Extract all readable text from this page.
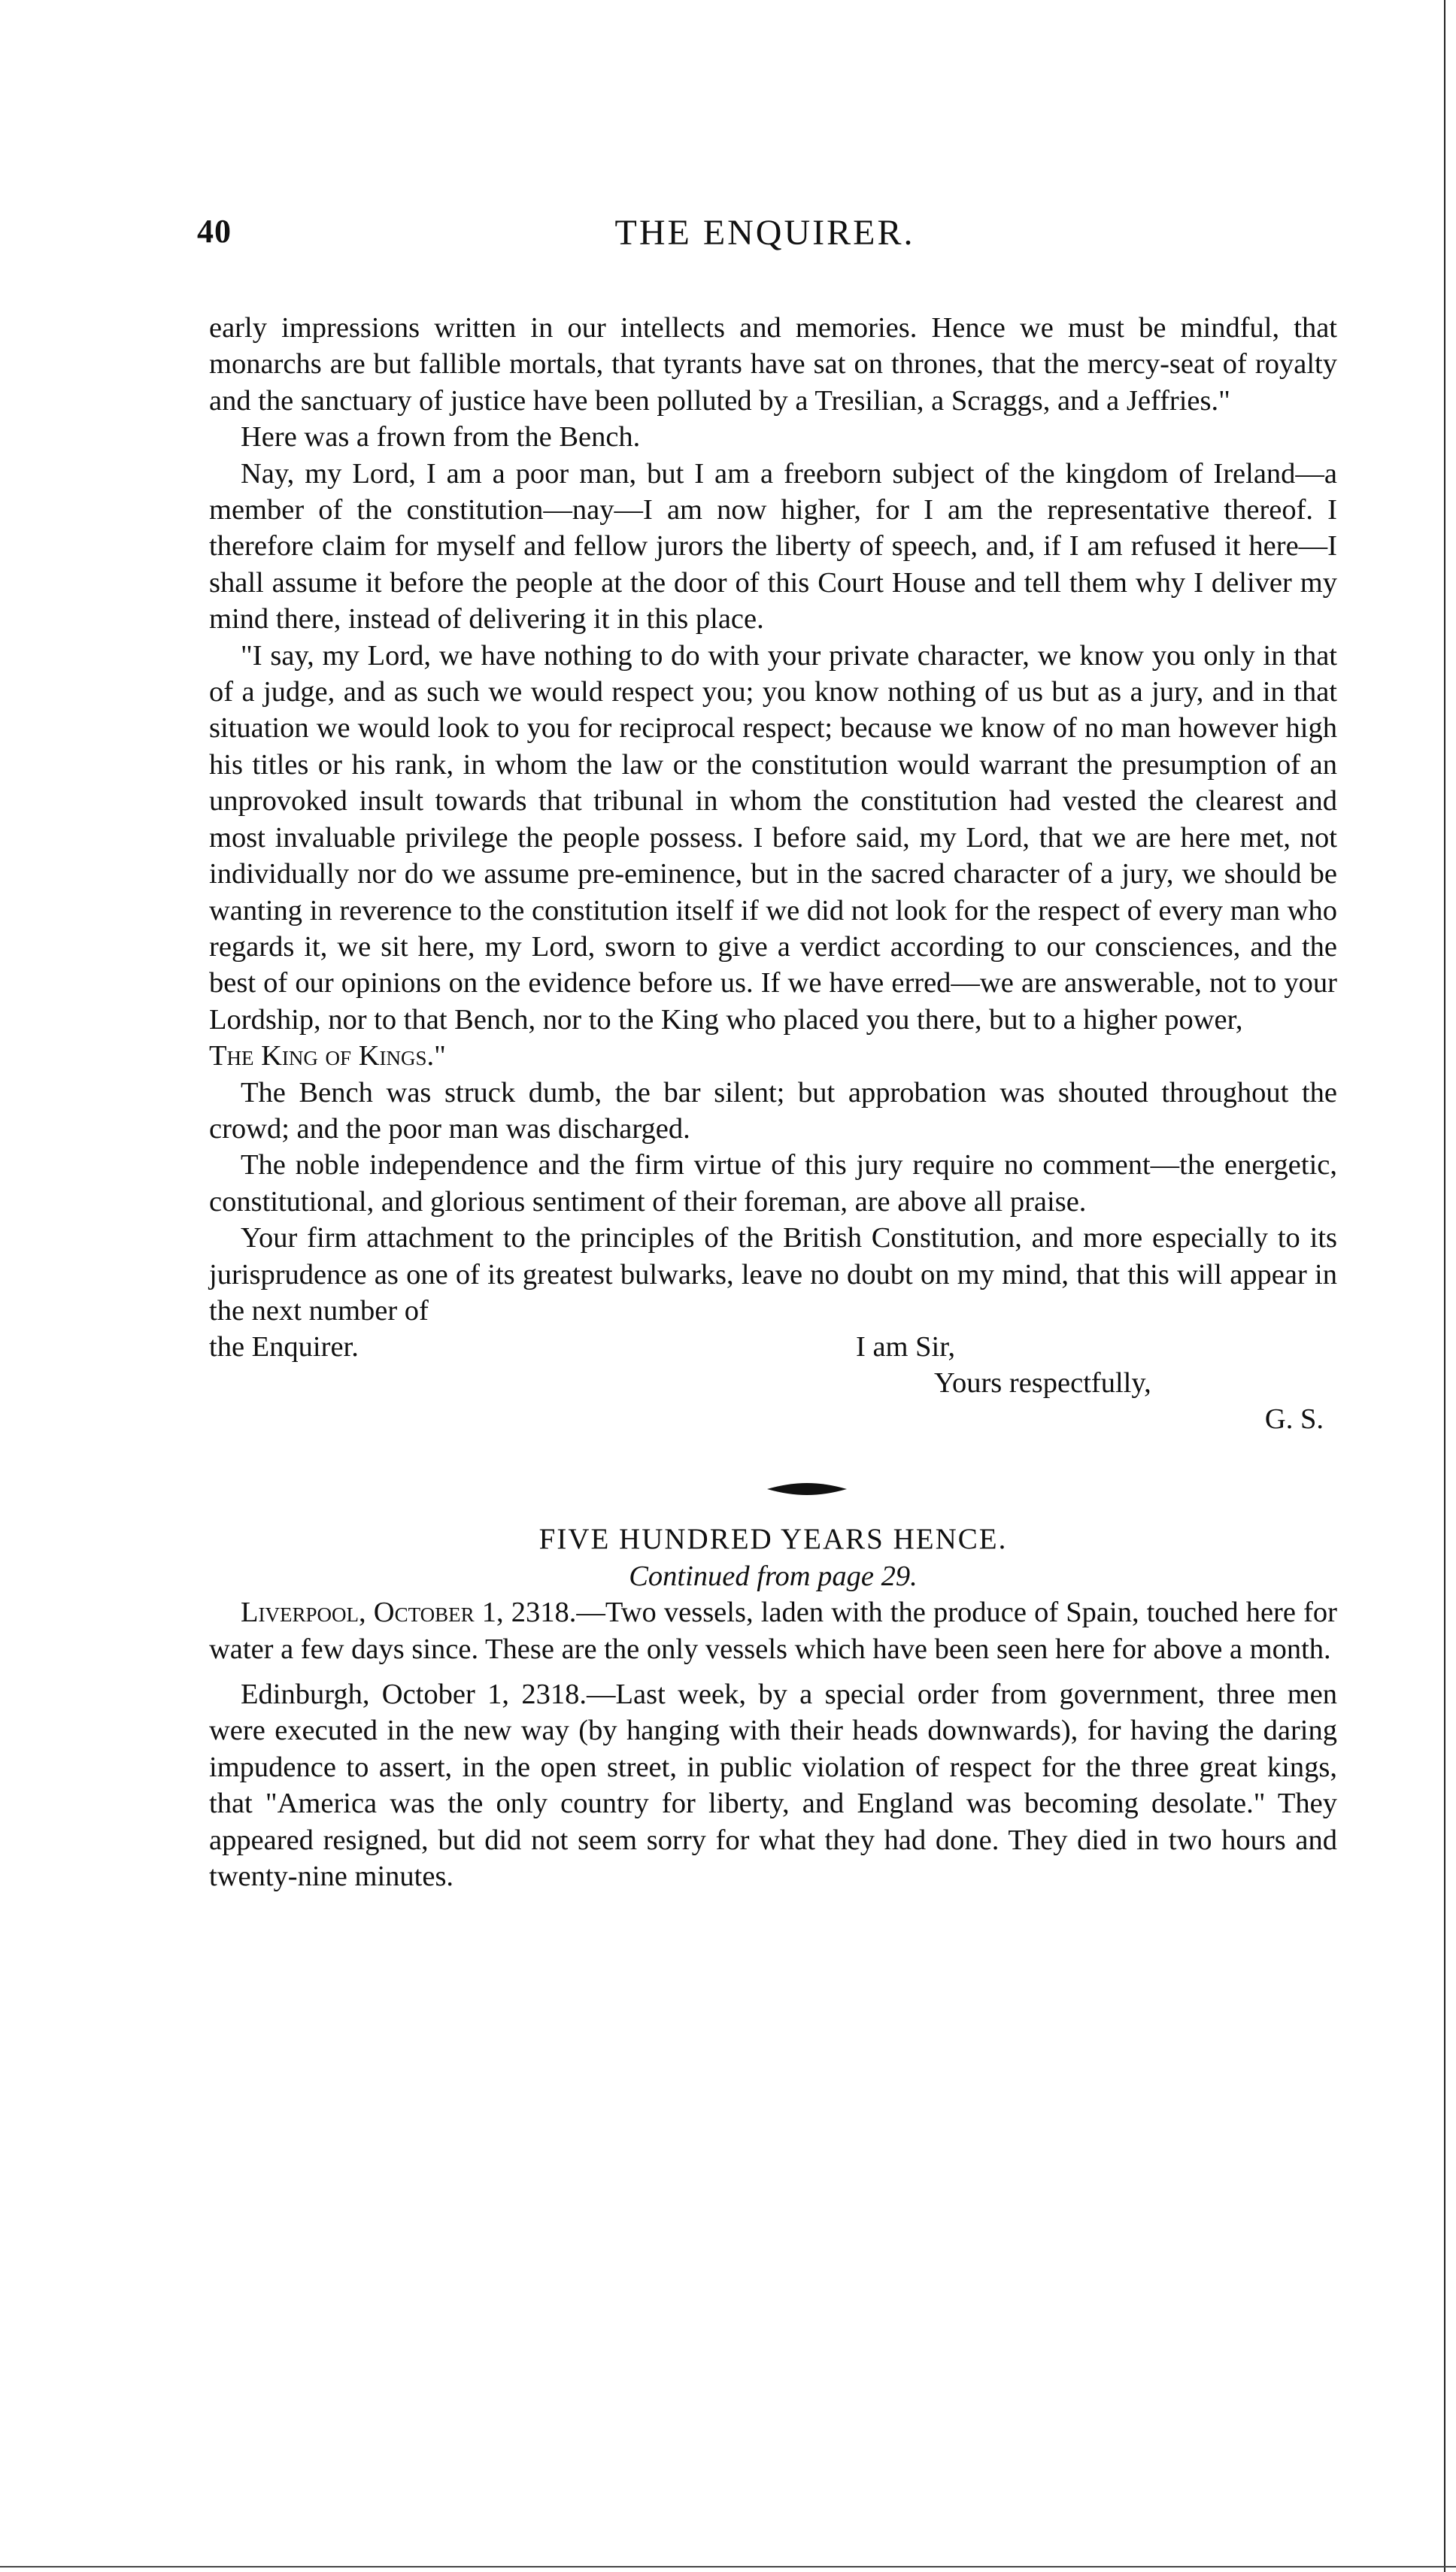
40	THE ENQUIRER.

early impressions written in our intellects and memories. Hence we must be mindful, that monarchs are but fallible mortals, that tyrants have sat on thrones, that the mercy-seat of royalty and the sanctuary of justice have been polluted by a Tresilian, a Scraggs, and a Jeffries."

Here was a frown from the Bench.

Nay, my Lord, I am a poor man, but I am a freeborn subject of the kingdom of Ireland—a member of the constitution—nay—I am now higher, for I am the representative thereof. I therefore claim for myself and fellow jurors the liberty of speech, and, if I am refused it here—I shall assume it before the people at the door of this Court House and tell them why I deliver my mind there, instead of delivering it in this place.

"I say, my Lord, we have nothing to do with your private character, we know you only in that of a judge, and as such we would respect you; you know nothing of us but as a jury, and in that situation we would look to you for reciprocal respect; because we know of no man however high his titles or his rank, in whom the law or the constitution would warrant the presumption of an unprovoked insult towards that tribunal in whom the constitution had vested the clearest and most invaluable privilege the people possess. I before said, my Lord, that we are here met, not individually nor do we assume pre-eminence, but in the sacred character of a jury, we should be wanting in reverence to the constitution itself if we did not look for the respect of every man who regards it, we sit here, my Lord, sworn to give a verdict according to our consciences, and the best of our opinions on the evidence before us. If we have erred—we are answerable, not to your Lordship, nor to that Bench, nor to the King who placed you there, but to a higher power,
The King of Kings."

The Bench was struck dumb, the bar silent; but approbation was shouted throughout the crowd; and the poor man was discharged.

The noble independence and the firm virtue of this jury require no comment—the energetic, constitutional, and glorious sentiment of their foreman, are above all praise.

Your firm attachment to the principles of the British Constitution, and more especially to its jurisprudence as one of its greatest bulwarks, leave no doubt on my mind, that this will appear in the next number of

the Enquirer.	I am Sir,
Yours respectfully,
G. S.

FIVE HUNDRED YEARS HENCE.

Continued from page 29.

Liverpool, October 1, 2318.—Two vessels, laden with the produce of Spain, touched here for water a few days since. These are the only vessels which have been seen here for above a month.

Edinburgh, October 1, 2318.—Last week, by a special order from government, three men were executed in the new way (by hanging with their heads downwards), for having the daring impudence to assert, in the open street, in public violation of respect for the three great kings, that "America was the only country for liberty, and England was becoming desolate." They appeared resigned, but did not seem sorry for what they had done. They died in two hours and twenty-nine minutes.
